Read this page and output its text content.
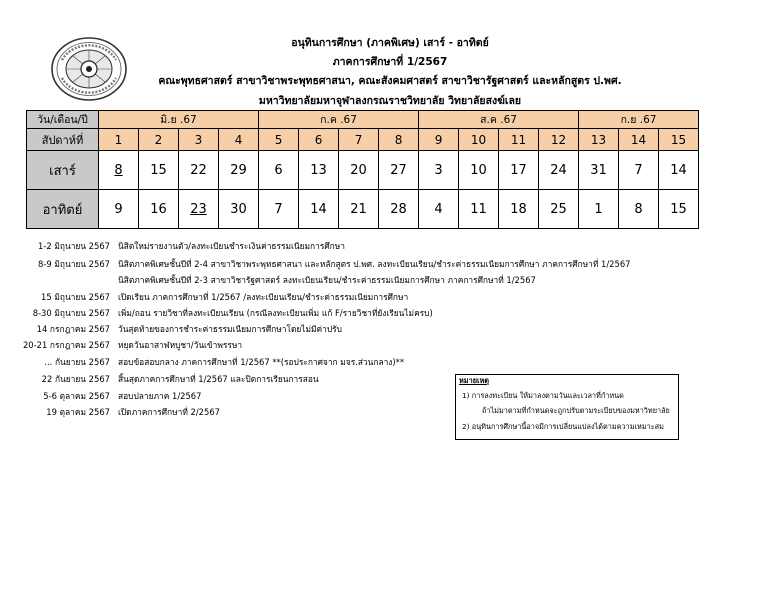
อนุทินการศึกษา (ภาคพิเศษ) เสาร์ - อาทิตย์
ภาคการศึกษาที่ 1/2567
คณะพุทธศาสตร์ สาขาวิชาพระพุทธศาสนา, คณะสังคมศาสตร์ สาขาวิชารัฐศาสตร์ และหลักสูตร ป.พศ.
มหาวิทยาลัยมหาจุฬาลงกรณราชวิทยาลัย วิทยาลัยสงฆ์เลย
วัน/เดือน/ปี	มิ.ย .67				ก.ค .67				ส.ค .67				ก.ย .67		
สัปดาห์ที่	1	2	3	4	5	6	7	8	9	10	11	12	13	14	15
เสาร์	8	15	22	29	6	13	20	27	3	10	17	24	31	7	14
อาทิตย์	9	16	23	30	7	14	21	28	4	11	18	25	1	8	15
1-2 มิถุนายน 2567 นิสิตใหม่รายงานตัว/ลงทะเบียนชำระเงินค่าธรรมเนียมการศึกษา
8-9 มิถุนายน 2567 นิสิตภาคพิเศษชั้นปีที่ 2-4 สาขาวิชาพระพุทธศาสนา และหลักสูตร ป.พศ. ลงทะเบียนเรียน/ชำระค่าธรรมเนียมการศึกษา ภาคการศึกษาที่ 1/2567
นิสิตภาคพิเศษชั้นปีที่ 2-3 สาขาวิชารัฐศาสตร์ ลงทะเบียนเรียน/ชำระค่าธรรมเนียมการศึกษา ภาคการศึกษาที่ 1/2567
15 มิถุนายน 2567 เปิดเรียน ภาคการศึกษาที่ 1/2567 /ลงทะเบียนเรียน/ชำระค่าธรรมเนียมการศึกษา
8-30 มิถุนายน 2567 เพิ่ม/ถอน รายวิชาที่ลงทะเบียนเรียน (กรณีลงทะเบียนเพิ่ม แก้ F/รายวิชาที่ยังเรียนไม่ครบ)
14 กรกฎาคม 2567 วันสุดท้ายของการชำระค่าธรรมเนียมการศึกษาโดยไม่มีค่าปรับ
20-21 กรกฎาคม 2567 หยุดวันอาสาฬหบูชา/วันเข้าพรรษา
... กันยายน 2567 สอบข้อสอบกลาง ภาคการศึกษาที่ 1/2567 **(รอประกาศจาก มจร.ส่วนกลาง)**
22 กันยายน 2567 สิ้นสุดภาคการศึกษาที่ 1/2567 และปิดการเรียนการสอน
5-6 ตุลาคม 2567 สอบปลายภาค 1/2567
19 ตุลาคม 2567 เปิดภาคการศึกษาที่ 2/2567
หมายเหตุ
1) การลงทะเบียน ให้มาลงตามวันและเวลาที่กำหนด
ถ้าไม่มาตามที่กำหนดจะถูกปรับตามระเบียบของมหาวิทยาลัย
2) อนุทินการศึกษานี้อาจมีการเปลี่ยนแปลงได้ตามความเหมาะสม
